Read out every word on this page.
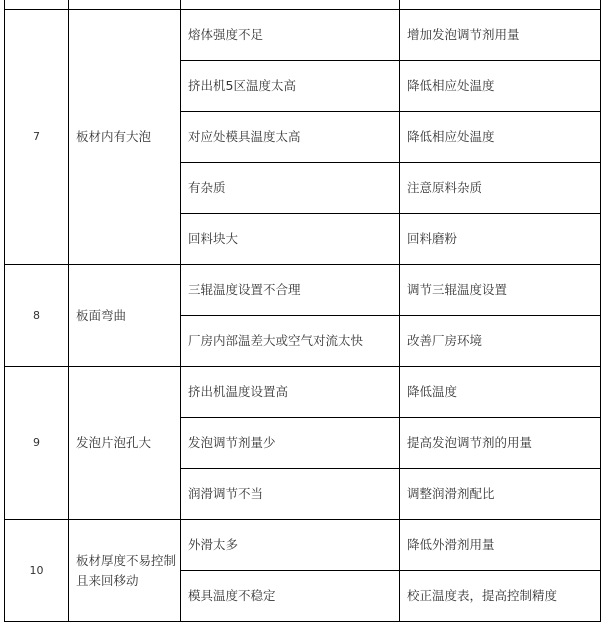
7	板材内有大泡	熔体强度不足	增加发泡调节剂用量
		挤出机5区温度太高	降低相应处温度
		对应处模具温度太高	降低相应处温度
		有杂质	注意原料杂质
		回料块大	回料磨粉
8	板面弯曲	三辊温度设置不合理	调节三辊温度设置
		厂房内部温差大或空气对流太快	改善厂房环境
9	发泡片泡孔大	挤出机温度设置高	降低温度
		发泡调节剂量少	提高发泡调节剂的用量
		润滑调节不当	调整润滑剂配比
10	板材厚度不易控制且来回移动	外滑太多	降低外滑剂用量
		模具温度不稳定	校正温度表，提高控制精度
